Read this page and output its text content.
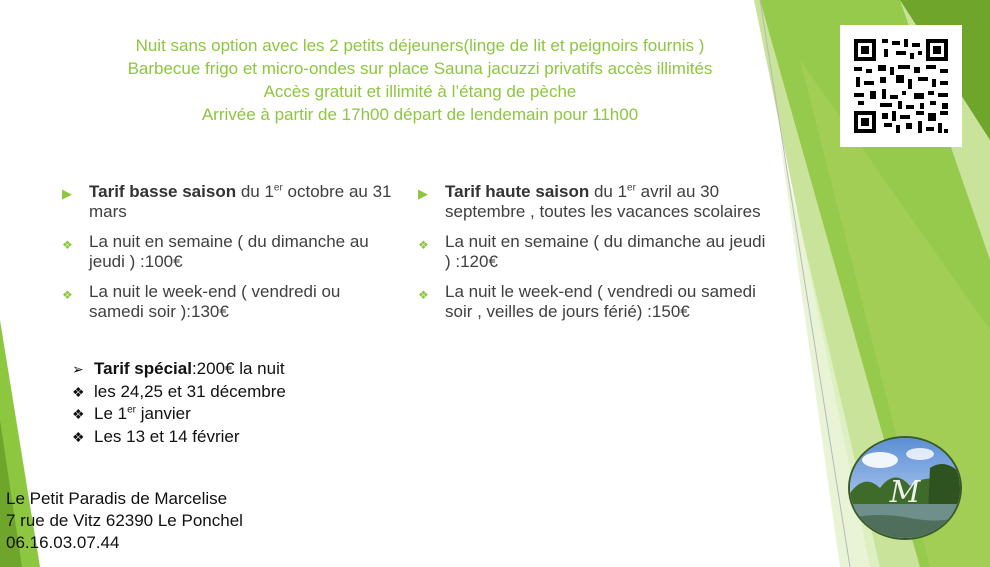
Nuit sans option avec les 2 petits déjeuners(linge de lit et peignoirs fournis )
Barbecue frigo et micro-ondes sur place Sauna jacuzzi privatifs accès illimités
Accès gratuit et illimité à l’étang de pèche
Arrivée à partir de 17h00 départ de lendemain pour 11h00
▶	Tarif basse saison du 1er octobre au 31 mars
❖ La nuit en semaine ( du dimanche au jeudi ) :100€
❖ La nuit le week-end ( vendredi ou samedi soir ):130€
▶	Tarif haute saison du 1er avril au 30 septembre , toutes les vacances scolaires
❖ La nuit en semaine ( du dimanche au jeudi ) :120€
❖ La nuit le week-end ( vendredi ou samedi soir , veilles de jours férié) :150€
➢ Tarif spécial:200€ la nuit
❖ les 24,25 et 31 décembre
❖ Le 1er janvier
❖ Les 13 et 14 février
Le Petit Paradis de Marcelise
7 rue de Vitz 62390 Le Ponchel
06.16.03.07.44
M
